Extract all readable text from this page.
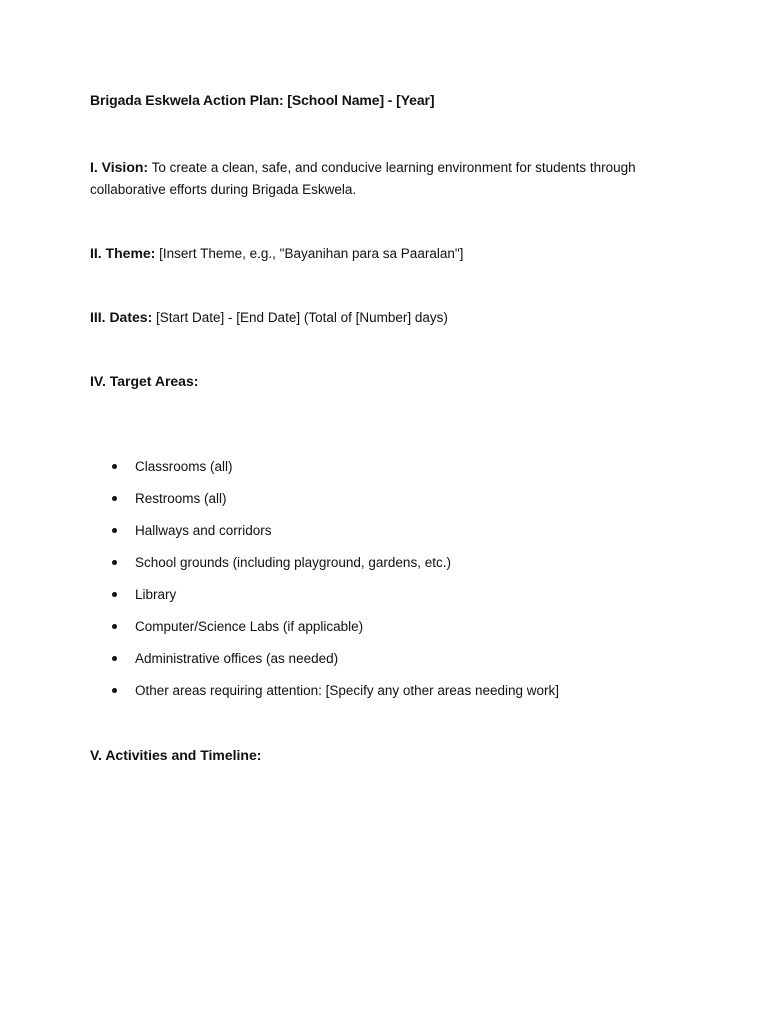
Brigada Eskwela Action Plan: [School Name] - [Year]
I. Vision: To create a clean, safe, and conducive learning environment for students through collaborative efforts during Brigada Eskwela.
II. Theme: [Insert Theme, e.g., "Bayanihan para sa Paaralan"]
III. Dates: [Start Date] - [End Date] (Total of [Number] days)
IV. Target Areas:
Classrooms (all)
Restrooms (all)
Hallways and corridors
School grounds (including playground, gardens, etc.)
Library
Computer/Science Labs (if applicable)
Administrative offices (as needed)
Other areas requiring attention: [Specify any other areas needing work]
V. Activities and Timeline:
